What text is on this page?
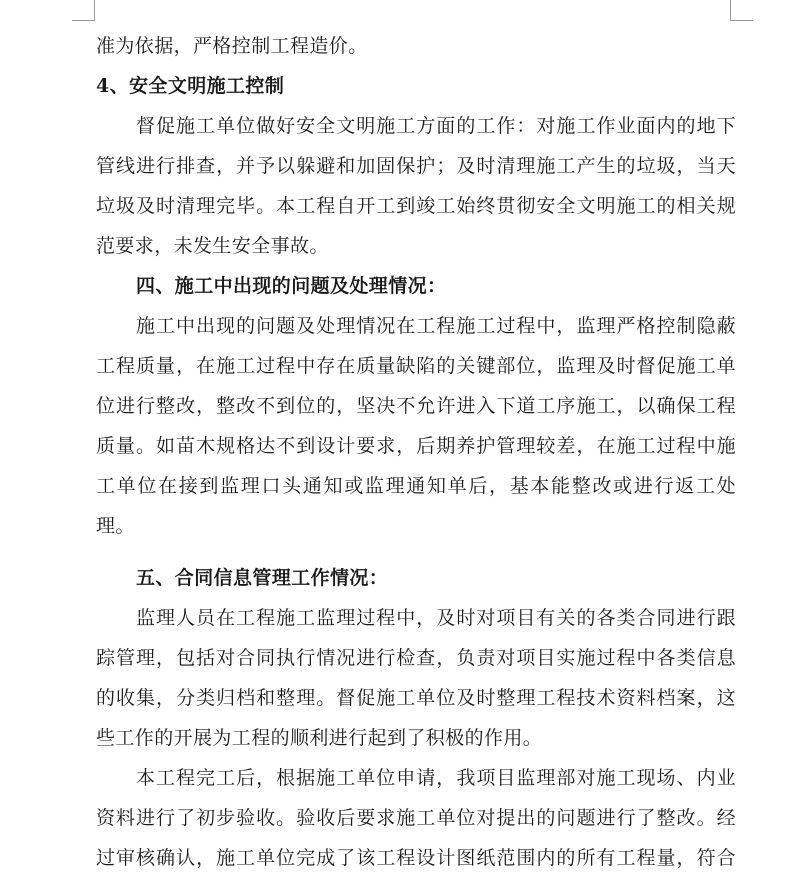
准为依据，严格控制工程造价。
4、安全文明施工控制
督促施工单位做好安全文明施工方面的工作：对施工作业面内的地下
管线进行排查，并予以躲避和加固保护；及时清理施工产生的垃圾，当天
垃圾及时清理完毕。本工程自开工到竣工始终贯彻安全文明施工的相关规
范要求，未发生安全事故。
四、施工中出现的问题及处理情况：
施工中出现的问题及处理情况在工程施工过程中，监理严格控制隐蔽
工程质量，在施工过程中存在质量缺陷的关键部位，监理及时督促施工单
位进行整改，整改不到位的，坚决不允许进入下道工序施工，以确保工程
质量。如苗木规格达不到设计要求，后期养护管理较差，在施工过程中施
工单位在接到监理口头通知或监理通知单后，基本能整改或进行返工处
理。
五、合同信息管理工作情况：
监理人员在工程施工监理过程中，及时对项目有关的各类合同进行跟
踪管理，包括对合同执行情况进行检查，负责对项目实施过程中各类信息
的收集，分类归档和整理。督促施工单位及时整理工程技术资料档案，这
些工作的开展为工程的顺利进行起到了积极的作用。
本工程完工后，根据施工单位申请，我项目监理部对施工现场、内业
资料进行了初步验收。验收后要求施工单位对提出的问题进行了整改。经
过审核确认，施工单位完成了该工程设计图纸范围内的所有工程量，符合
